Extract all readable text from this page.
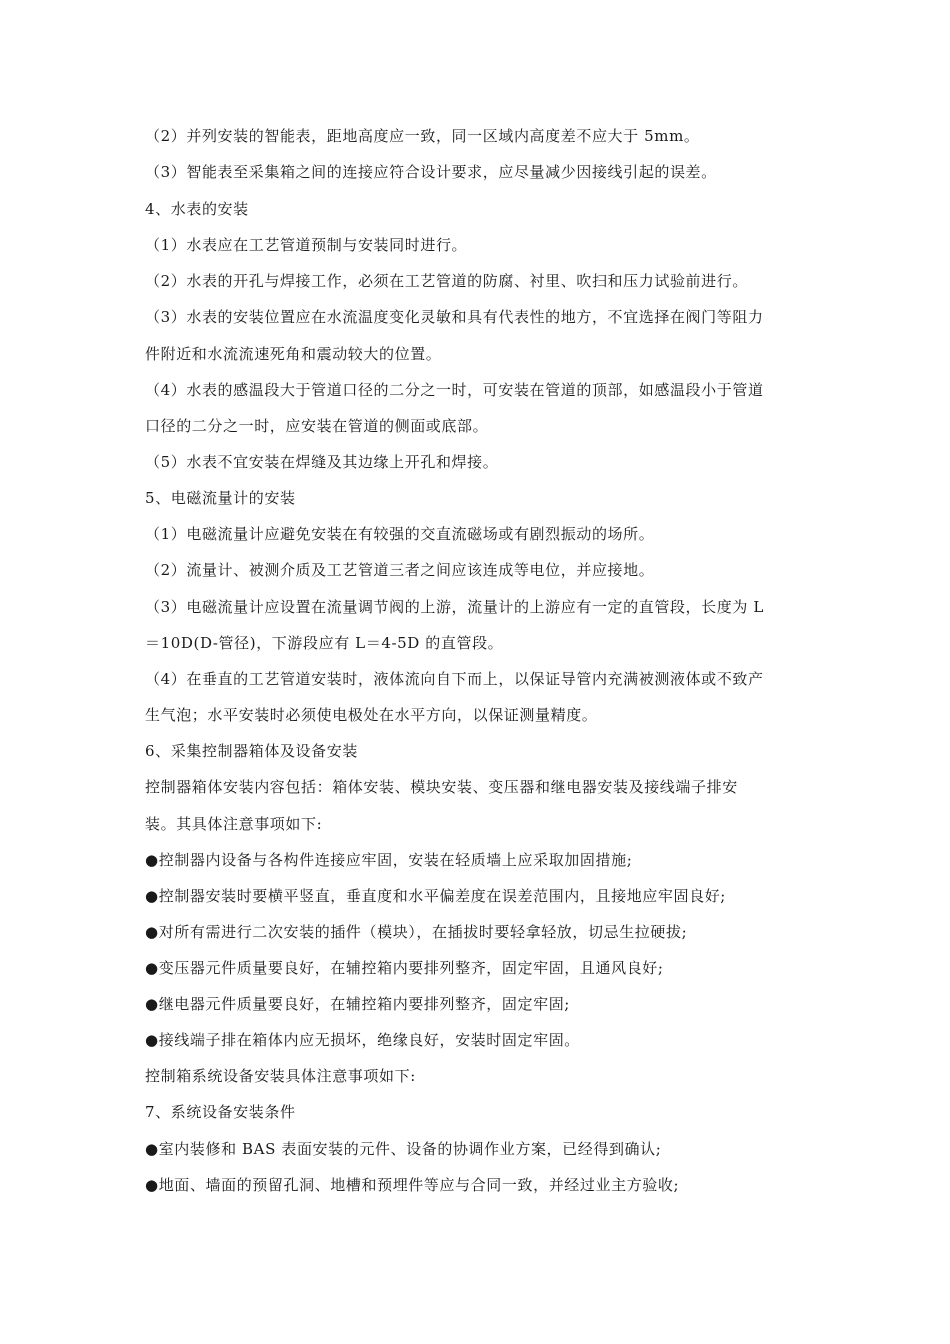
（2）并列安装的智能表，距地高度应一致，同一区域内高度差不应大于 5mm。
（3）智能表至采集箱之间的连接应符合设计要求，应尽量减少因接线引起的误差。
4、水表的安装
（1）水表应在工艺管道预制与安装同时进行。
（2）水表的开孔与焊接工作，必须在工艺管道的防腐、衬里、吹扫和压力试验前进行。
（3）水表的安装位置应在水流温度变化灵敏和具有代表性的地方，不宜选择在阀门等阻力
件附近和水流流速死角和震动较大的位置。
（4）水表的感温段大于管道口径的二分之一时，可安装在管道的顶部，如感温段小于管道
口径的二分之一时，应安装在管道的侧面或底部。
（5）水表不宜安装在焊缝及其边缘上开孔和焊接。
5、电磁流量计的安装
（1）电磁流量计应避免安装在有较强的交直流磁场或有剧烈振动的场所。
（2）流量计、被测介质及工艺管道三者之间应该连成等电位，并应接地。
（3）电磁流量计应设置在流量调节阀的上游，流量计的上游应有一定的直管段，长度为 L
＝10D(D-管径)，下游段应有 L＝4-5D 的直管段。
（4）在垂直的工艺管道安装时，液体流向自下而上，以保证导管内充满被测液体或不致产
生气泡；水平安装时必须使电极处在水平方向，以保证测量精度。
6、采集控制器箱体及设备安装
控制器箱体安装内容包括：箱体安装、模块安装、变压器和继电器安装及接线端子排安
装。其具体注意事项如下:
●控制器内设备与各构件连接应牢固，安装在轻质墙上应采取加固措施;
●控制器安装时要横平竖直，垂直度和水平偏差度在误差范围内，且接地应牢固良好;
●对所有需进行二次安装的插件（模块），在插拔时要轻拿轻放，切忌生拉硬拔;
●变压器元件质量要良好，在辅控箱内要排列整齐，固定牢固，且通风良好;
●继电器元件质量要良好，在辅控箱内要排列整齐，固定牢固;
●接线端子排在箱体内应无损坏，绝缘良好，安装时固定牢固。
控制箱系统设备安装具体注意事项如下:
7、系统设备安装条件
●室内装修和 BAS 表面安装的元件、设备的协调作业方案，已经得到确认;
●地面、墙面的预留孔洞、地槽和预埋件等应与合同一致，并经过业主方验收;
